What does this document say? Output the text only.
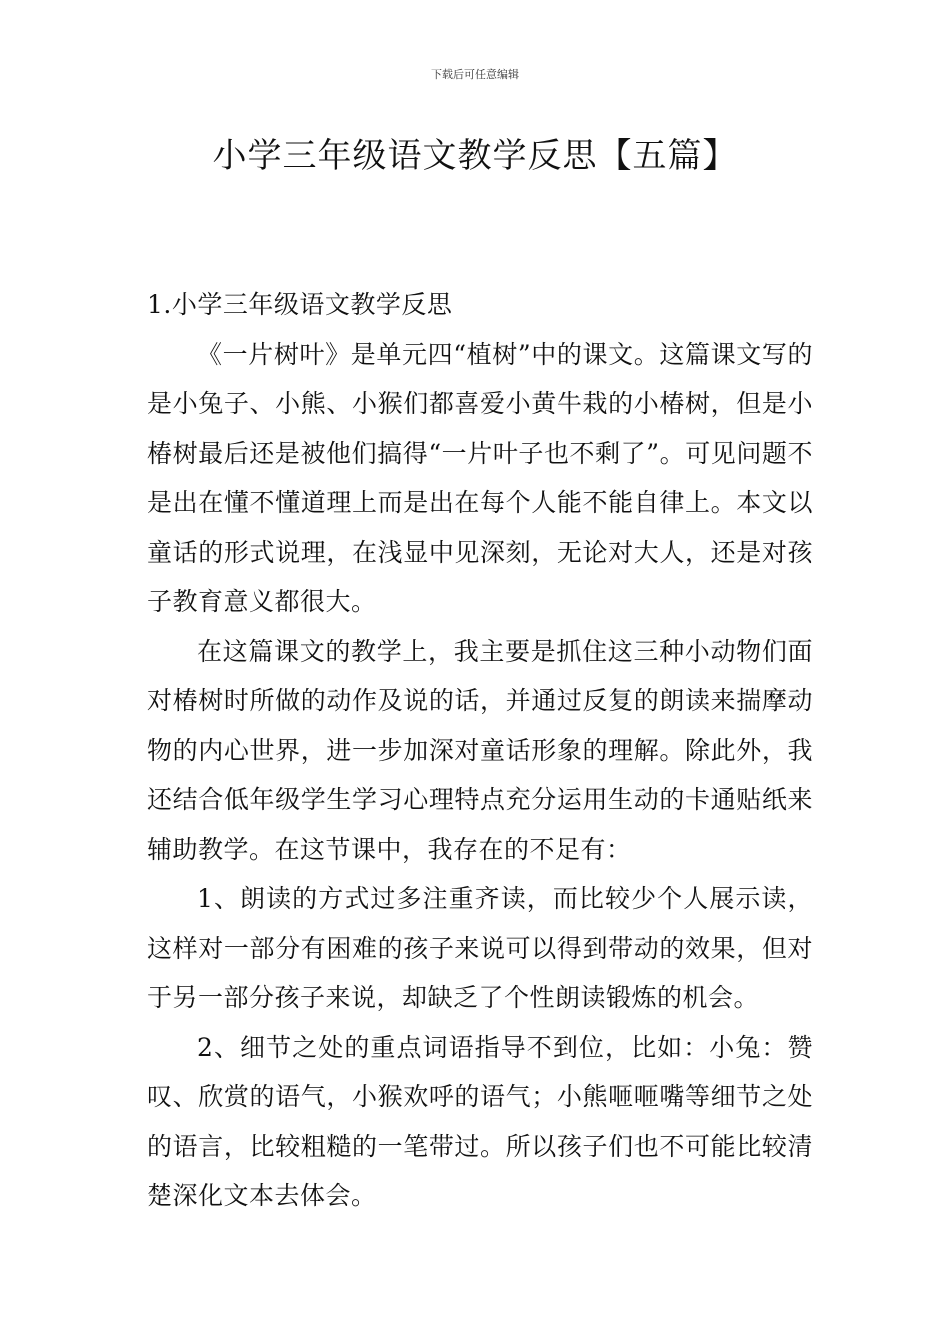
下载后可任意编辑
小学三年级语文教学反思【五篇】
1.小学三年级语文教学反思

《一片树叶》是单元四“植树”中的课文。这篇课文写的是小兔子、小熊、小猴们都喜爱小黄牛栽的小椿树，但是小椿树最后还是被他们搞得“一片叶子也不剩了”。可见问题不是出在懂不懂道理上而是出在每个人能不能自律上。本文以童话的形式说理，在浅显中见深刻，无论对大人，还是对孩子教育意义都很大。

在这篇课文的教学上，我主要是抓住这三种小动物们面对椿树时所做的动作及说的话，并通过反复的朗读来揣摩动物的内心世界，进一步加深对童话形象的理解。除此外，我还结合低年级学生学习心理特点充分运用生动的卡通贴纸来辅助教学。在这节课中，我存在的不足有：

1、朗读的方式过多注重齐读，而比较少个人展示读，这样对一部分有困难的孩子来说可以得到带动的效果，但对于另一部分孩子来说，却缺乏了个性朗读锻炼的机会。

2、细节之处的重点词语指导不到位，比如：小兔：赞叹、欣赏的语气，小猴欢呼的语气；小熊咂咂嘴等细节之处的语言，比较粗糙的一笔带过。所以孩子们也不可能比较清楚深化文本去体会。
